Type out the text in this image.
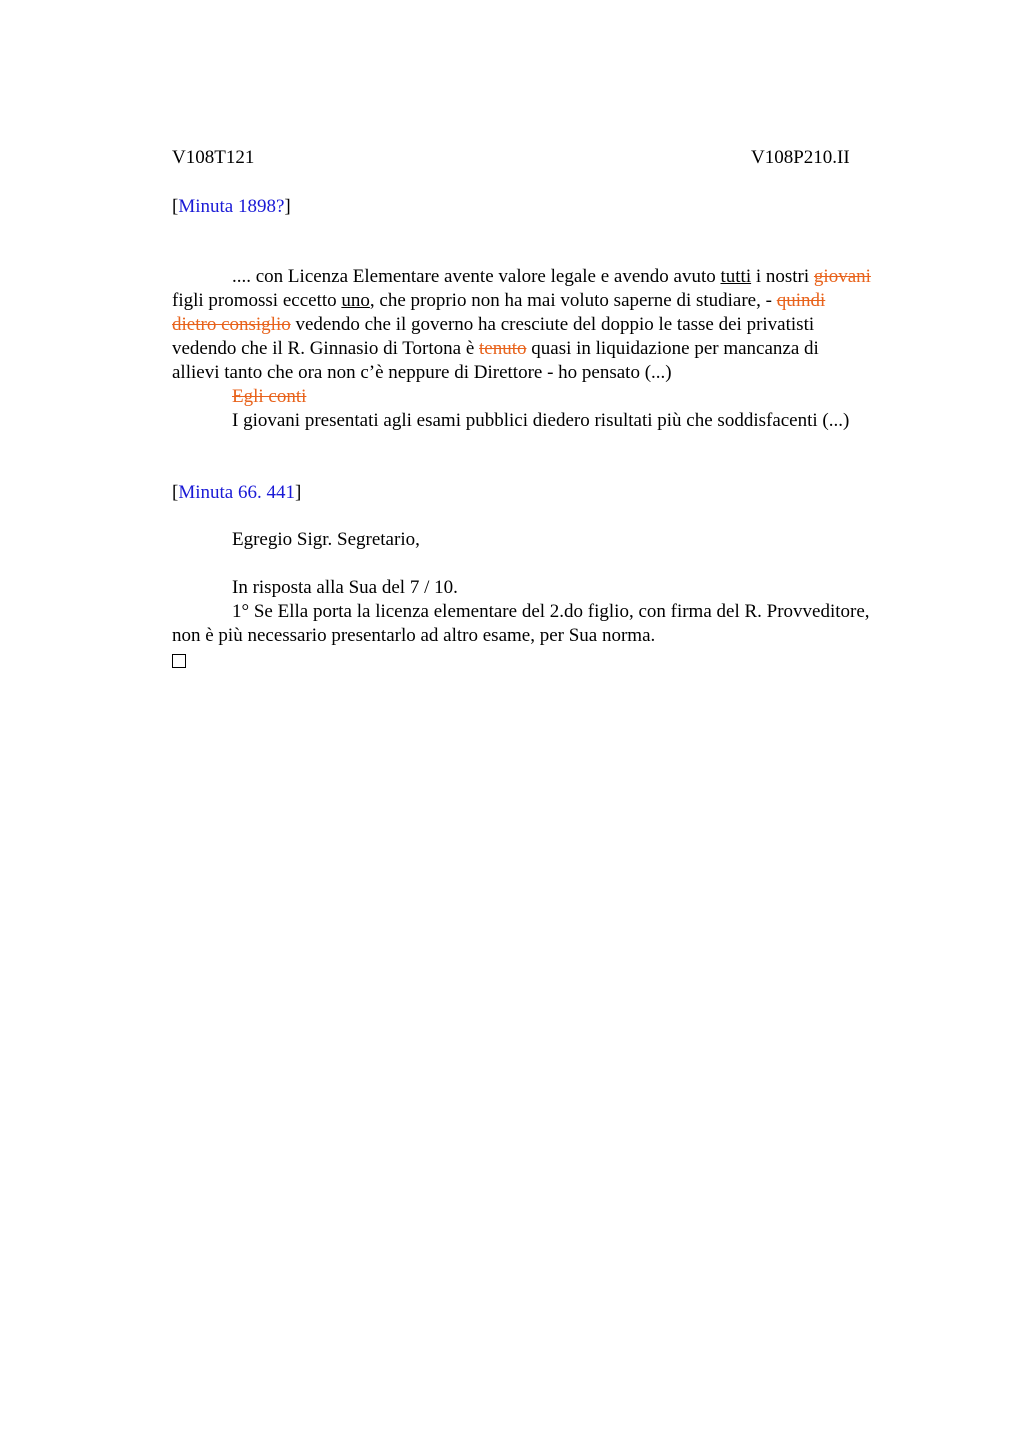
V108T121	V108P210.II
[Minuta 1898?]
.... con Licenza Elementare avente valore legale e avendo avuto tutti i nostri giovani
figli promossi eccetto uno, che proprio non ha mai voluto saperne di studiare, - quindi
dietro consiglio vedendo che il governo ha cresciute del doppio le tasse dei privatisti
vedendo che il R. Ginnasio di Tortona è tenuto quasi in liquidazione per mancanza di
allievi tanto che ora non c’è neppure di Direttore - ho pensato (...)
Egli conti
I giovani presentati agli esami pubblici diedero risultati più che soddisfacenti (...)
[Minuta 66. 441]
Egregio Sigr. Segretario,
In risposta alla Sua del 7 / 10.
1° Se Ella porta la licenza elementare del 2.do figlio, con firma del R. Provveditore,
non è più necessario presentarlo ad altro esame, per Sua norma.
